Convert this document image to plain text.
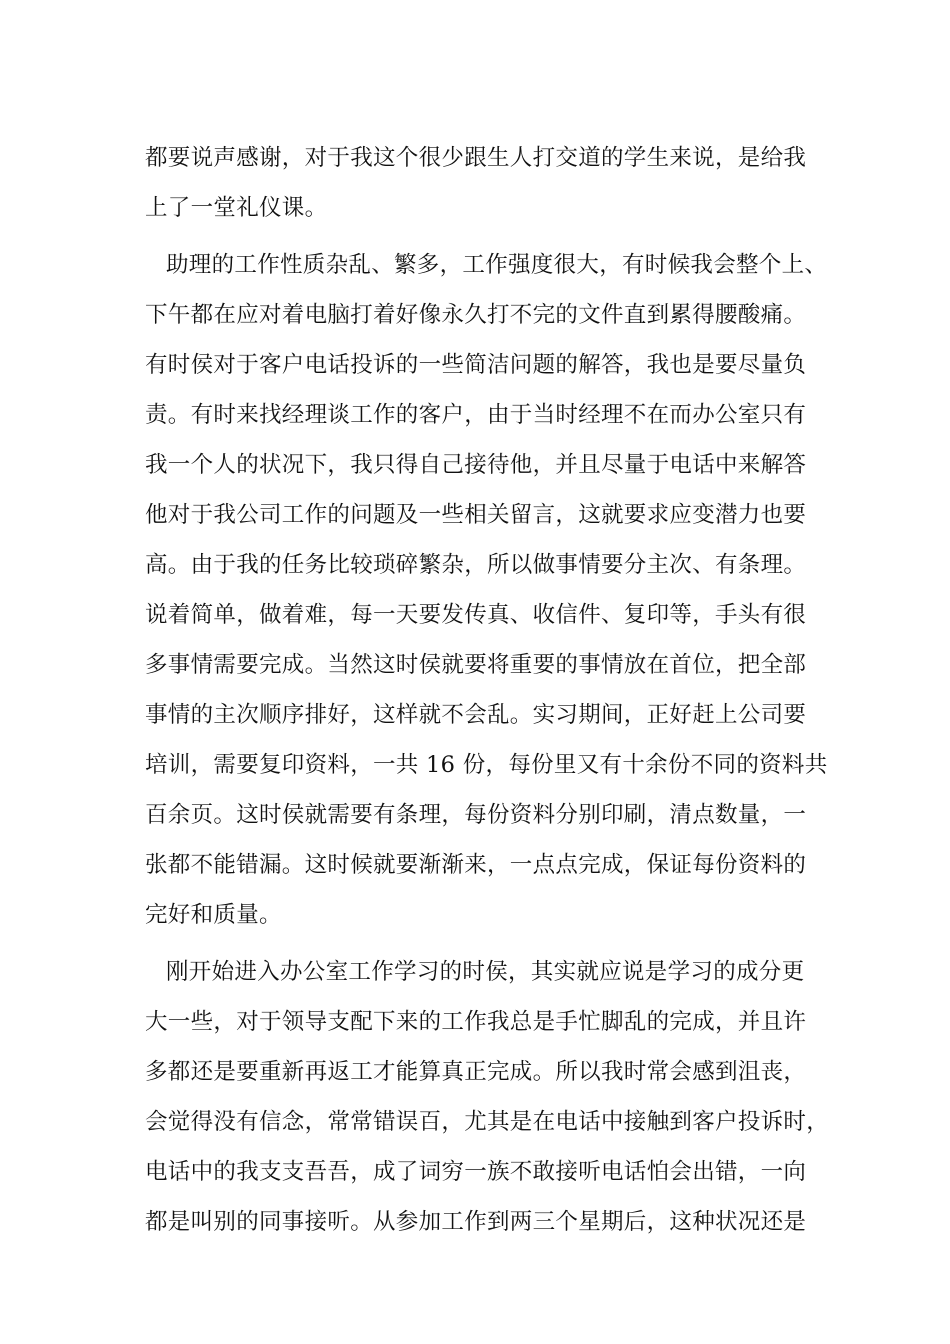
都要说声感谢，对于我这个很少跟生人打交道的学生来说，是给我
上了一堂礼仪课。
助理的工作性质杂乱、繁多，工作强度很大，有时候我会整个上、
下午都在应对着电脑打着好像永久打不完的文件直到累得腰酸痛。
有时侯对于客户电话投诉的一些简洁问题的解答，我也是要尽量负
责。有时来找经理谈工作的客户，由于当时经理不在而办公室只有
我一个人的状况下，我只得自己接待他，并且尽量于电话中来解答
他对于我公司工作的问题及一些相关留言，这就要求应变潜力也要
高。由于我的任务比较琐碎繁杂，所以做事情要分主次、有条理。
说着简单，做着难，每一天要发传真、收信件、复印等，手头有很
多事情需要完成。当然这时侯就要将重要的事情放在首位，把全部
事情的主次顺序排好，这样就不会乱。实习期间，正好赶上公司要
培训，需要复印资料，一共 16 份，每份里又有十余份不同的资料共
百余页。这时侯就需要有条理，每份资料分别印刷，清点数量，一
张都不能错漏。这时候就要渐渐来，一点点完成，保证每份资料的
完好和质量。
刚开始进入办公室工作学习的时侯，其实就应说是学习的成分更
大一些，对于领导支配下来的工作我总是手忙脚乱的完成，并且许
多都还是要重新再返工才能算真正完成。所以我时常会感到沮丧，
会觉得没有信念，常常错误百，尤其是在电话中接触到客户投诉时，
电话中的我支支吾吾，成了词穷一族不敢接听电话怕会出错，一向
都是叫别的同事接听。从参加工作到两三个星期后，这种状况还是
